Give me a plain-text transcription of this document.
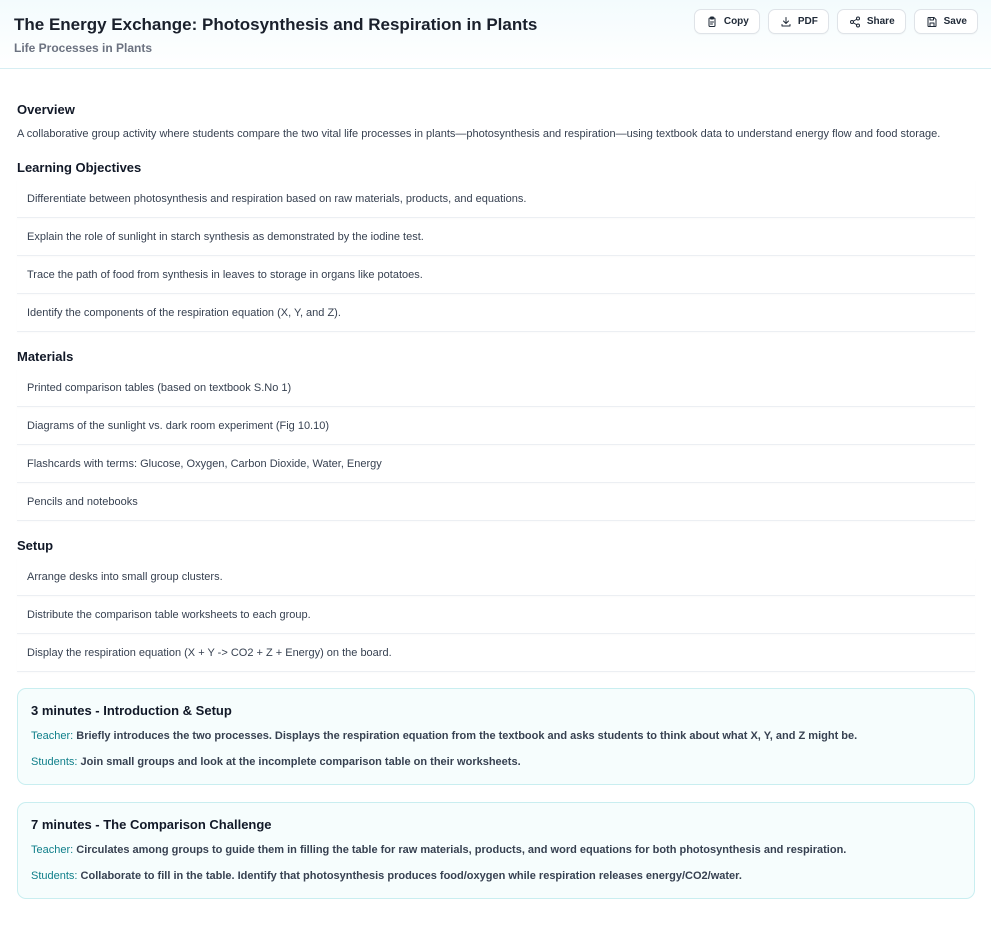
The Energy Exchange: Photosynthesis and Respiration in Plants
Life Processes in Plants
Copy	PDF	Share	Save
Overview
A collaborative group activity where students compare the two vital life processes in plants—photosynthesis and respiration—using textbook data to understand energy flow and food storage.
Learning Objectives
Differentiate between photosynthesis and respiration based on raw materials, products, and equations.
Explain the role of sunlight in starch synthesis as demonstrated by the iodine test.
Trace the path of food from synthesis in leaves to storage in organs like potatoes.
Identify the components of the respiration equation (X, Y, and Z).
Materials
Printed comparison tables (based on textbook S.No 1)
Diagrams of the sunlight vs. dark room experiment (Fig 10.10)
Flashcards with terms: Glucose, Oxygen, Carbon Dioxide, Water, Energy
Pencils and notebooks
Setup
Arrange desks into small group clusters.
Distribute the comparison table worksheets to each group.
Display the respiration equation (X + Y -> CO2 + Z + Energy) on the board.
3 minutes - Introduction & Setup
Teacher: Briefly introduces the two processes. Displays the respiration equation from the textbook and asks students to think about what X, Y, and Z might be.
Students: Join small groups and look at the incomplete comparison table on their worksheets.
7 minutes - The Comparison Challenge
Teacher: Circulates among groups to guide them in filling the table for raw materials, products, and word equations for both photosynthesis and respiration.
Students: Collaborate to fill in the table. Identify that photosynthesis produces food/oxygen while respiration releases energy/CO2/water.
